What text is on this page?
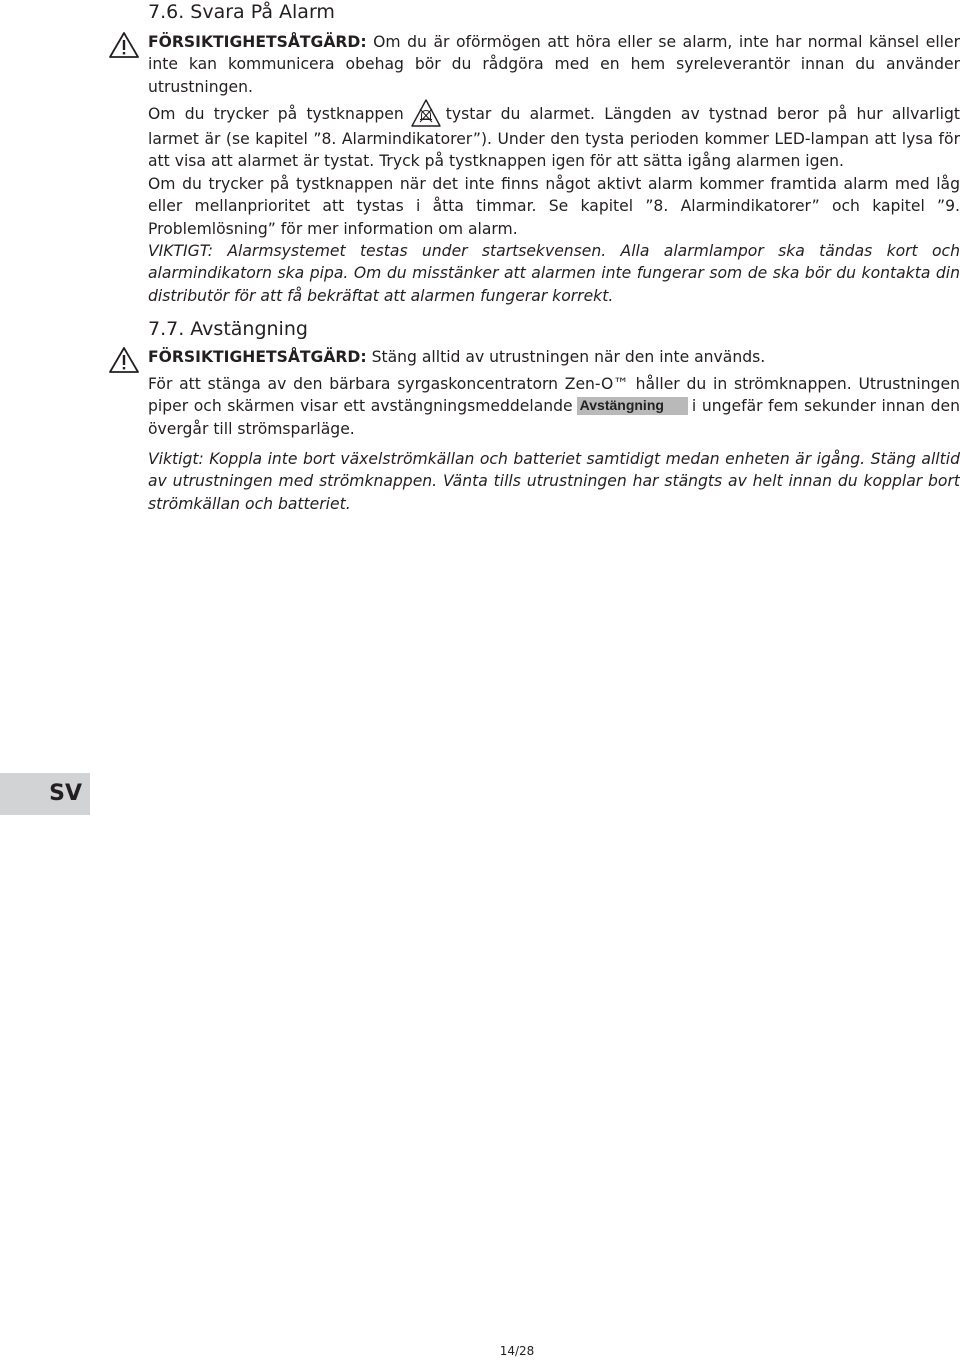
7.6. Svara På Alarm

FÖRSIKTIGHETSÅTGÄRD: Om du är oförmögen att höra eller se alarm, inte har normal känsel eller inte kan kommunicera obehag bör du rådgöra med en hem syreleverantör innan du använder utrustningen.

Om du trycker på tystknappen	tystar du alarmet. Längden av tystnad beror på hur allvarligt larmet är (se kapitel ”8. Alarmindikatorer”). Under den tysta perioden kommer LED-lampan att lysa för att visa att alarmet är tystat. Tryck på tystknappen igen för att sätta igång alarmen igen.

Om du trycker på tystknappen när det inte finns något aktivt alarm kommer framtida alarm med låg eller mellanprioritet att tystas i åtta timmar. Se kapitel ”8. Alarmindikatorer” och kapitel ”9. Problemlösning” för mer information om alarm.

VIKTIGT: Alarmsystemet testas under startsekvensen. Alla alarmlampor ska tändas kort och alarmindikatorn ska pipa. Om du misstänker att alarmen inte fungerar som de ska bör du kontakta din distributör för att få bekräftat att alarmen fungerar korrekt.

7.7. Avstängning

FÖRSIKTIGHETSÅTGÄRD: Stäng alltid av utrustningen när den inte används.

För att stänga av den bärbara syrgaskoncentratorn Zen-O™ håller du in strömknappen. Utrustningen piper och skärmen visar ett avstängningsmeddelande Avstängning i ungefär fem sekunder innan den övergår till strömsparläge.

Viktigt: Koppla inte bort växelströmkällan och batteriet samtidigt medan enheten är igång. Stäng alltid av utrustningen med strömknappen. Vänta tills utrustningen har stängts av helt innan du kopplar bort strömkällan och batteriet.

SV
14/28
